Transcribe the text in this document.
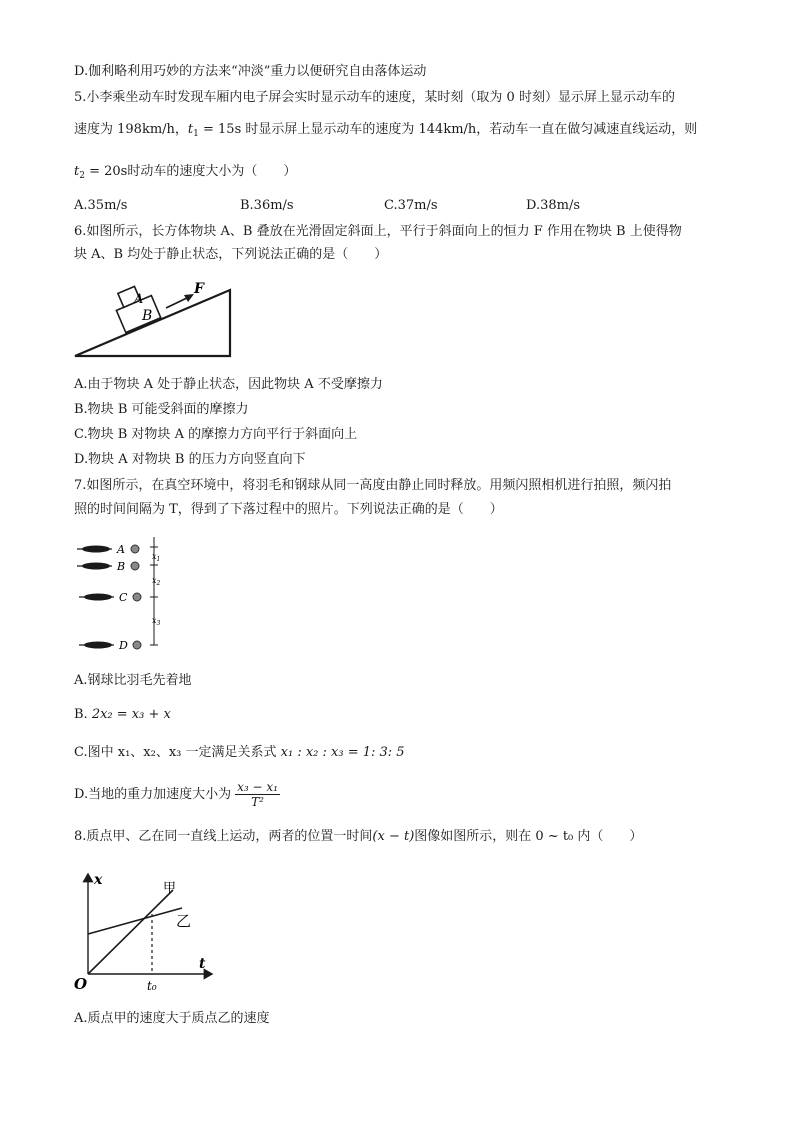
D.伽利略利用巧妙的方法来“冲淡”重力以便研究自由落体运动
5.小李乘坐动车时发现车厢内电子屏会实时显示动车的速度，某时刻（取为 0 时刻）显示屏上显示动车的
速度为 198km/h，$t_1 = 15s$ 时显示屏上显示动车的速度为 144km/h，若动车一直在做匀减速直线运动，则
$t_2 = 20s$时动车的速度大小为（　　）
A.35m/s	B.36m/s	C.37m/s	D.38m/s
6.如图所示，长方体物块 A、B 叠放在光滑固定斜面上，平行于斜面向上的恒力 F 作用在物块 B 上使得物
块 A、B 均处于静止状态，下列说法正确的是（　　）
A
B
F
A.由于物块 A 处于静止状态，因此物块 A 不受摩擦力
B.物块 B 可能受斜面的摩擦力
C.物块 B 对物块 A 的摩擦力方向平行于斜面向上
D.物块 A 对物块 B 的压力方向竖直向下
7.如图所示，在真空环境中，将羽毛和钢球从同一高度由静止同时释放。用频闪照相机进行拍照，频闪拍
照的时间间隔为 T，得到了下落过程中的照片。下列说法正确的是（　　）
A
B
C
D
$x_1$
$x_2$
$x_3$
A.钢球比羽毛先着地
B. 2x₂ = x₃ + x
C.图中 x₁、x₂、x₃ 一定满足关系式 x₁ : x₂ : x₃ = 1: 3: 5
D.当地的重力加速度大小为 $\frac{\text{x₃ − x₁}}{\text{T²}}$
8.质点甲、乙在同一直线上运动，两者的位置一时间(x − t)图像如图所示，则在 0 ~ t₀ 内（　　）
x
t
O
甲
乙
t₀
A.质点甲的速度大于质点乙的速度
